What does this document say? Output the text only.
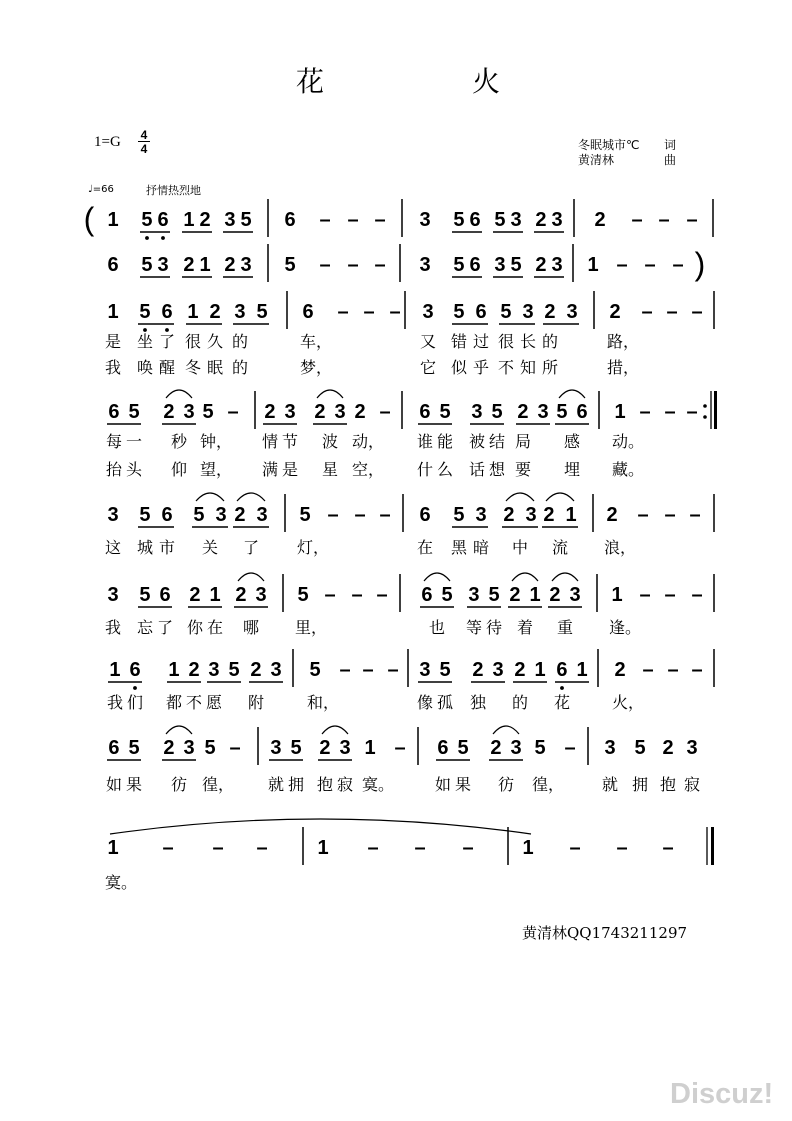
花	火
1=G 4
4	冬眠城市℃ 词
黄清林	曲
♩=66	抒情热烈地
黄清林QQ1743211297
Discuz!
1 56 12 35 6 – – – 3 56 53 23 2 – – –
(
6 53 21 23 5 – – – 3 56 35 23 1 – – – )
1	56 12 35 6 – – – 3 56 53 23 2 – – –
是 坐 了 很 久 的	车，	又 错 过 很 长 的	路，
我 唤 醒 冬 眠 的	梦，	它 似 乎 不 知 所	措，
65 23
5 –	23 23 2 –	65 35 23
56 1 – – –
每 一 秒 钟， 情 节 波 动， 谁 能 被 结 局 感 动。
抬 头 仰 望， 满 是 星 空， 什 么 话 想 要 埋 藏。
3	56 53
23 5 – – – 6	53 23
21 2 – – –
这 城 市 关 了 灯，	在 黑 暗 中 流 浪，
3	56 21 23 5 – – –	65 35 21 23 1 – – –
我 忘 了 你 在 哪 里，	也 等 待 着 重 逢。
16 12 35 23 5 – – –	35 23 21 61 2 – – –
我 们 都 不 愿 附	和，	像 孤 独 的 花	火，
65 23 5 –	35 23 1 –	65 23 5 – 3 5 2 3
如 果 彷 徨， 就 拥 抱 寂 寞。	如 果 彷 徨， 就 拥 抱 寂
1 – – – 1 – – – 1 – – –
寞。
